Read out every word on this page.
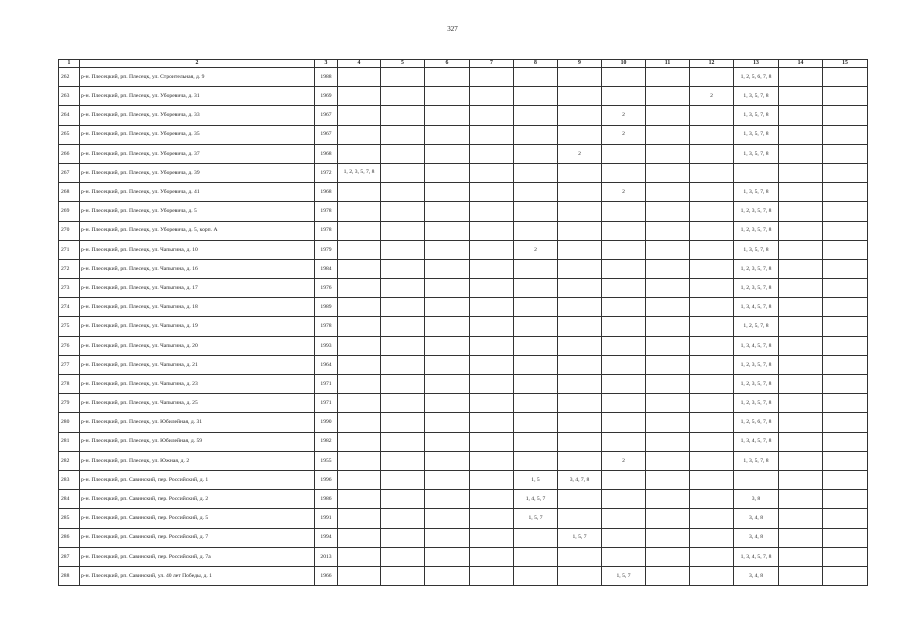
327
1	2	3	4	5	6	7	8	9	10	11	12	13	14	15
262	р-н. Плесецкий, рп. Плесецк, ул. Строительная, д. 9	1988										1, 2, 5, 6, 7, 8		
263	р-н. Плесецкий, рп. Плесецк, ул. Уборевича, д. 31	1969									2	1, 3, 5, 7, 8		
264	р-н. Плесецкий, рп. Плесецк, ул. Уборевича, д. 33	1967							2			1, 3, 5, 7, 8		
265	р-н. Плесецкий, рп. Плесецк, ул. Уборевича, д. 35	1967							2			1, 3, 5, 7, 8		
266	р-н. Плесецкий, рп. Плесецк, ул. Уборевича, д. 37	1968						2				1, 3, 5, 7, 8		
267	р-н. Плесецкий, рп. Плесецк, ул. Уборевича, д. 39	1972	1, 2, 3, 5, 7, 8											
268	р-н. Плесецкий, рп. Плесецк, ул. Уборевича, д. 41	1968							2			1, 3, 5, 7, 8		
269	р-н. Плесецкий, рп. Плесецк, ул. Уборевича, д. 5	1978										1, 2, 3, 5, 7, 8		
270	р-н. Плесецкий, рп. Плесецк, ул. Уборевича, д. 5, корп. А	1978										1, 2, 3, 5, 7, 8		
271	р-н. Плесецкий, рп. Плесецк, ул. Чапыгина, д. 10	1979					2					1, 3, 5, 7, 8		
272	р-н. Плесецкий, рп. Плесецк, ул. Чапыгина, д. 16	1984										1, 2, 3, 5, 7, 8		
273	р-н. Плесецкий, рп. Плесецк, ул. Чапыгина, д. 17	1976										1, 2, 3, 5, 7, 8		
274	р-н. Плесецкий, рп. Плесецк, ул. Чапыгина, д. 18	1989										1, 3, 4, 5, 7, 8		
275	р-н. Плесецкий, рп. Плесецк, ул. Чапыгина, д. 19	1978										1, 2, 5, 7, 8		
276	р-н. Плесецкий, рп. Плесецк, ул. Чапыгина, д. 20	1993										1, 3, 4, 5, 7, 8		
277	р-н. Плесецкий, рп. Плесецк, ул. Чапыгина, д. 21	1964										1, 2, 3, 5, 7, 8		
278	р-н. Плесецкий, рп. Плесецк, ул. Чапыгина, д. 23	1971										1, 2, 3, 5, 7, 8		
279	р-н. Плесецкий, рп. Плесецк, ул. Чапыгина, д. 25	1971										1, 2, 3, 5, 7, 8		
280	р-н. Плесецкий, рп. Плесецк, ул. Юбилейная, д. 31	1990										1, 2, 5, 6, 7, 8		
281	р-н. Плесецкий, рп. Плесецк, ул. Юбилейная, д. 59	1982										1, 3, 4, 5, 7, 8		
282	р-н. Плесецкий, рп. Плесецк, ул. Южная, д. 2	1955							2			1, 3, 5, 7, 8		
283	р-н. Плесецкий, рп. Савинский, пер. Российский, д. 1	1996					1, 5	3, 4, 7, 8						
284	р-н. Плесецкий, рп. Савинский, пер. Российский, д. 2	1986					1, 4, 5, 7					3, 8		
285	р-н. Плесецкий, рп. Савинский, пер. Российский, д. 5	1991					1, 5, 7					3, 4, 8		
286	р-н. Плесецкий, рп. Савинский, пер. Российский, д. 7	1994						1, 5, 7				3, 4, 8		
287	р-н. Плесецкий, рп. Савинский, пер. Российский, д. 7а	2013										1, 3, 4, 5, 7, 8		
288	р-н. Плесецкий, рп. Савинский, ул. 40 лет Победы, д. 1	1966							1, 5, 7			3, 4, 8		
